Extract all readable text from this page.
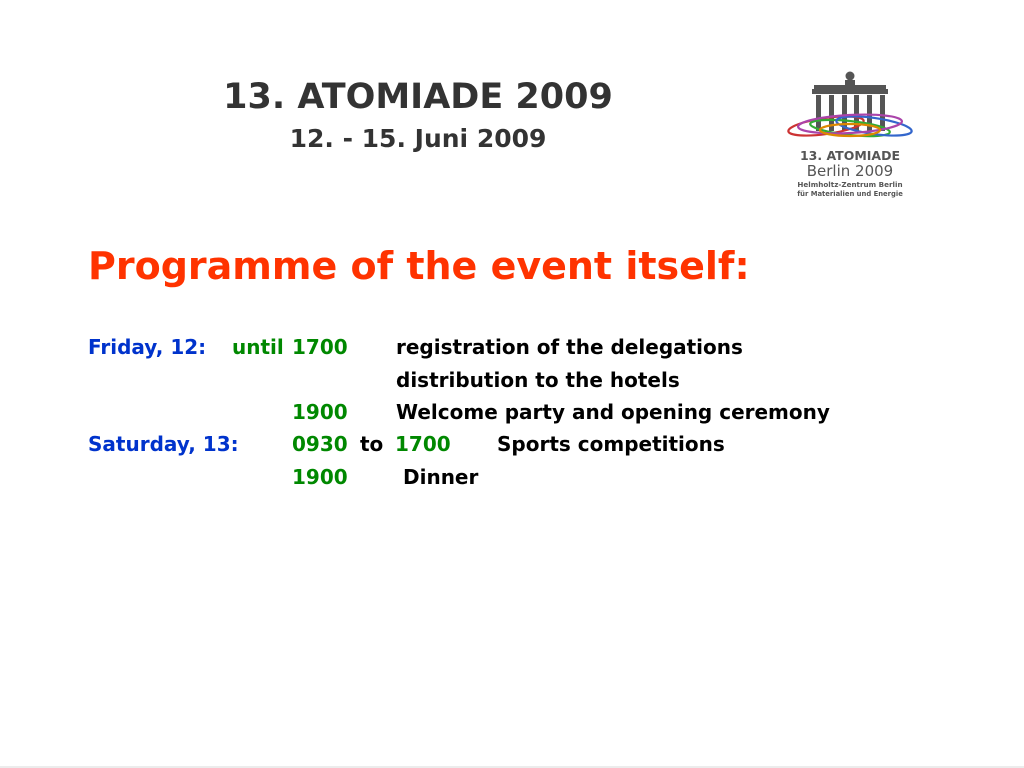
13. ATOMIADE 2009
12. - 15. Juni 2009
13. ATOMIADE
Berlin 2009
Helmholtz-Zentrum Berlin
für Materialien und Energie
Programme of the event itself:
Friday, 12: until 1700 registration of the delegations
distribution to the hotels
1900 Welcome party and opening ceremony
Saturday, 13:	0930 to 1700 Sports competitions
1900	Dinner
